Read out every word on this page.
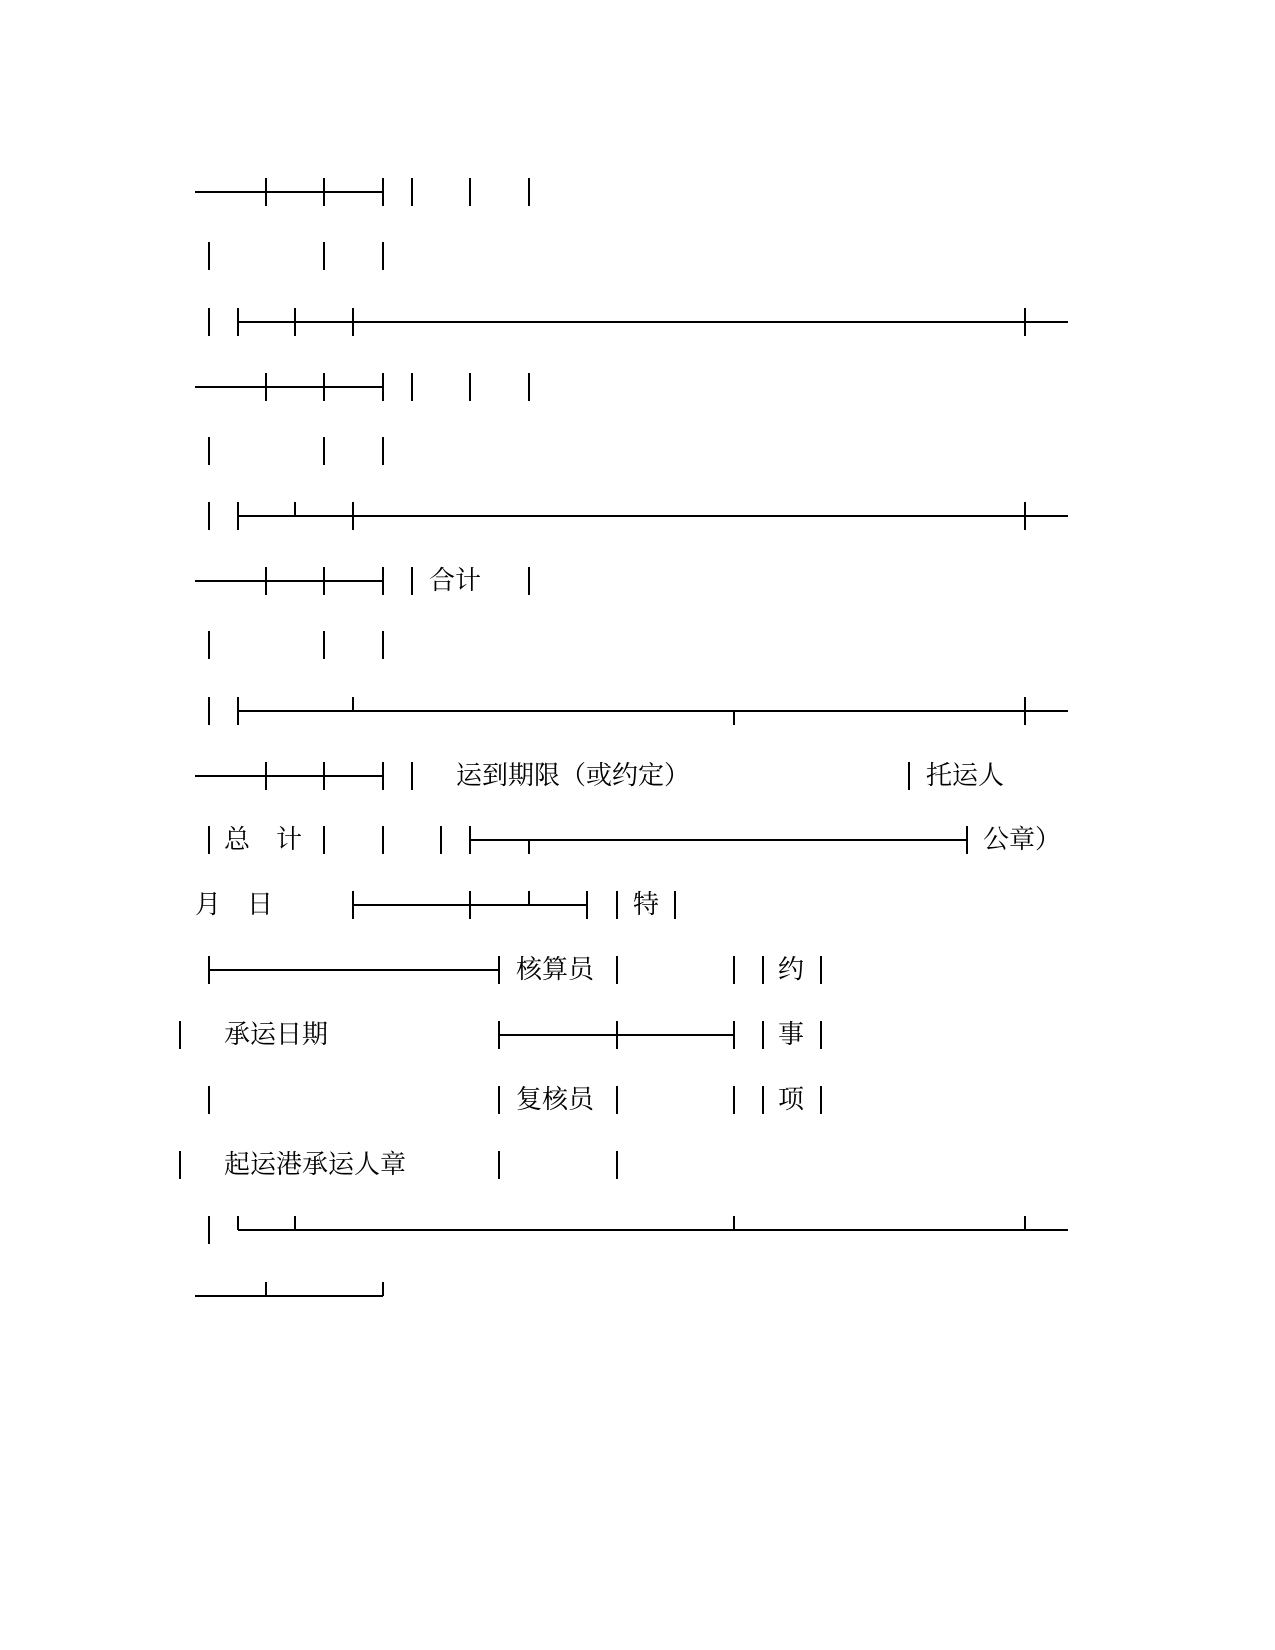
合计
运到期限（或约定）	托运人
总　计	公章）
月　日	特
核算员	约
承运日期	事
复核员	项
起运港承运人章
